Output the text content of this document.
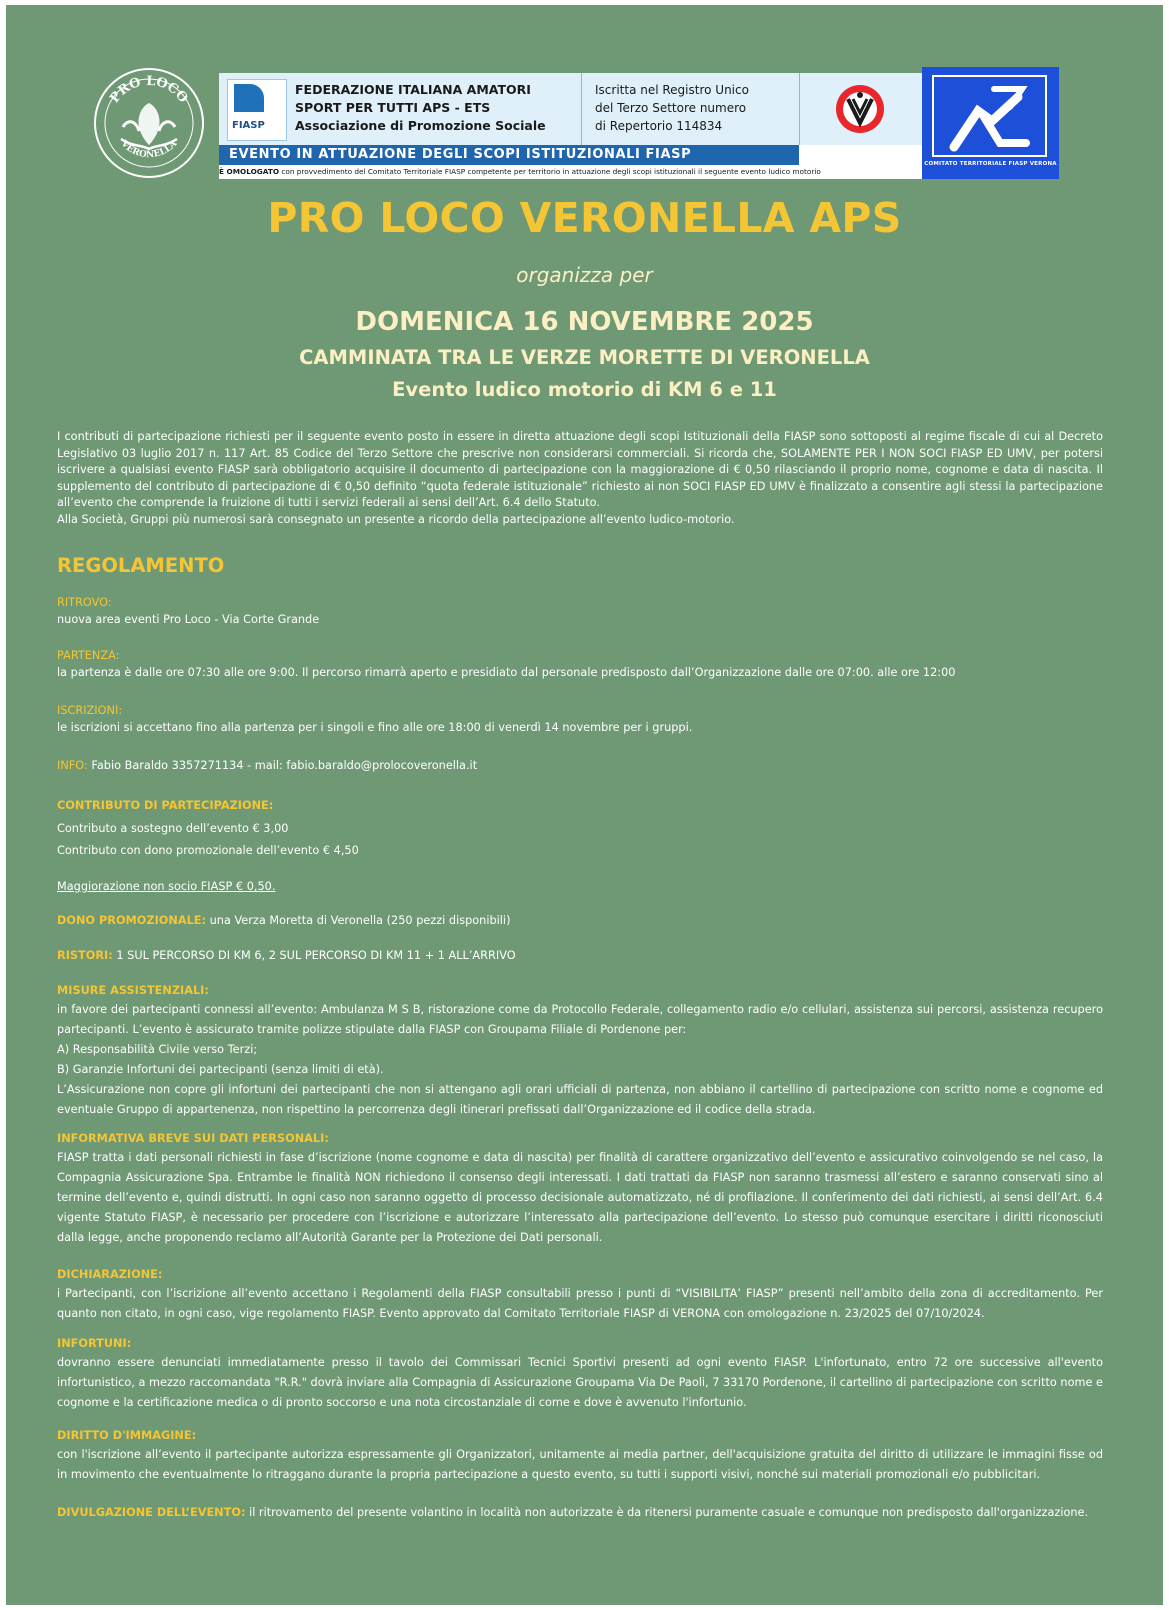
PRO LOCO
VERONELLA
FIASP
FEDERAZIONE ITALIANA AMATORI
SPORT PER TUTTI APS - ETS
Associazione di Promozione Sociale
Iscritta nel Registro Unico
del Terzo Settore numero
di Repertorio 114834
EVENTO IN ATTUAZIONE DEGLI SCOPI ISTITUZIONALI FIASP
È OMOLOGATO con provvedimento del Comitato Territoriale FIASP competente per territorio in attuazione degli scopi istituzionali il seguente evento ludico motorio
COMITATO TERRITORIALE FIASP VERONA
PRO LOCO VERONELLA APS
organizza per
DOMENICA 16 NOVEMBRE 2025
CAMMINATA TRA LE VERZE MORETTE DI VERONELLA
Evento ludico motorio di KM 6 e 11
I contributi di partecipazione richiesti per il seguente evento posto in essere in diretta attuazione degli scopi Istituzionali della FIASP sono sottoposti al regime fiscale di cui al Decreto Legislativo 03 luglio 2017 n. 117 Art. 85 Codice del Terzo Settore che prescrive non considerarsi commerciali. Si ricorda che, SOLAMENTE PER I NON SOCI FIASP ED UMV, per potersi iscrivere a qualsiasi evento FIASP sarà obbligatorio acquisire il documento di partecipazione con la maggiorazione di € 0,50 rilasciando il proprio nome, cognome e data di nascita. Il supplemento del contributo di partecipazione di € 0,50 definito “quota federale istituzionale” richiesto ai non SOCI FIASP ED UMV è finalizzato a consentire agli stessi la partecipazione all’evento che comprende la fruizione di tutti i servizi federali ai sensi dell’Art. 6.4 dello Statuto.
Alla Società, Gruppi più numerosi sarà consegnato un presente a ricordo della partecipazione all’evento ludico-motorio.
REGOLAMENTO
RITROVO:
nuova area eventi Pro Loco - Via Corte Grande
PARTENZA:
la partenza è dalle ore 07:30 alle ore 9:00. Il percorso rimarrà aperto e presidiato dal personale predisposto dall’Organizzazione dalle ore 07:00. alle ore 12:00
ISCRIZIONI:
le iscrizioni si accettano fino alla partenza per i singoli e fino alle ore 18:00 di venerdì 14 novembre per i gruppi.
INFO: Fabio Baraldo 3357271134 - mail: fabio.baraldo@prolocoveronella.it
CONTRIBUTO DI PARTECIPAZIONE:
Contributo a sostegno dell’evento € 3,00
Contributo con dono promozionale dell’evento € 4,50
Maggiorazione non socio FIASP € 0,50.
DONO PROMOZIONALE: una Verza Moretta di Veronella (250 pezzi disponibili)
RISTORI: 1 SUL PERCORSO DI KM 6, 2 SUL PERCORSO DI KM 11 + 1 ALL’ARRIVO
MISURE ASSISTENZIALI:
in favore dei partecipanti connessi all’evento: Ambulanza M S B, ristorazione come da Protocollo Federale, collegamento radio e/o cellulari, assistenza sui percorsi, assistenza recupero partecipanti. L’evento è assicurato tramite polizze stipulate dalla FIASP con Groupama Filiale di Pordenone per:
A) Responsabilità Civile verso Terzi;
B) Garanzie Infortuni dei partecipanti (senza limiti di età).
L’Assicurazione non copre gli infortuni dei partecipanti che non si attengano agli orari ufficiali di partenza, non abbiano il cartellino di partecipazione con scritto nome e cognome ed eventuale Gruppo di appartenenza, non rispettino la percorrenza degli itinerari prefissati dall’Organizzazione ed il codice della strada.
INFORMATIVA BREVE SUI DATI PERSONALI:
FIASP tratta i dati personali richiesti in fase d’iscrizione (nome cognome e data di nascita) per finalità di carattere organizzativo dell’evento e assicurativo coinvolgendo se nel caso, la Compagnia Assicurazione Spa. Entrambe le finalità NON richiedono il consenso degli interessati. I dati trattati da FIASP non saranno trasmessi all’estero e saranno conservati sino al termine dell’evento e, quindi distrutti. In ogni caso non saranno oggetto di processo decisionale automatizzato, né di profilazione. Il conferimento dei dati richiesti, ai sensi dell’Art. 6.4 vigente Statuto FIASP, è necessario per procedere con l’iscrizione e autorizzare l’interessato alla partecipazione dell’evento. Lo stesso può comunque esercitare i diritti riconosciuti dalla legge, anche proponendo reclamo all’Autorità Garante per la Protezione dei Dati personali.
DICHIARAZIONE:
i Partecipanti, con l’iscrizione all’evento accettano i Regolamenti della FIASP consultabili presso i punti di “VISIBILITA’ FIASP” presenti nell’ambito della zona di accreditamento. Per quanto non citato, in ogni caso, vige regolamento FIASP. Evento approvato dal Comitato Territoriale FIASP di VERONA con omologazione n. 23/2025 del 07/10/2024.
INFORTUNI:
dovranno essere denunciati immediatamente presso il tavolo dei Commissari Tecnici Sportivi presenti ad ogni evento FIASP. L'infortunato, entro 72 ore successive all'evento infortunistico, a mezzo raccomandata "R.R." dovrà inviare alla Compagnia di Assicurazione Groupama Via De Paoli, 7 33170 Pordenone, il cartellino di partecipazione con scritto nome e cognome e la certificazione medica o di pronto soccorso e una nota circostanziale di come e dove è avvenuto l'infortunio.
DIRITTO D'IMMAGINE:
con l'iscrizione all’evento il partecipante autorizza espressamente gli Organizzatori, unitamente ai media partner, dell'acquisizione gratuita del diritto di utilizzare le immagini fisse od in movimento che eventualmente lo ritraggano durante la propria partecipazione a questo evento, su tutti i supporti visivi, nonché sui materiali promozionali e/o pubblicitari.
DIVULGAZIONE DELL’EVENTO: il ritrovamento del presente volantino in località non autorizzate è da ritenersi puramente casuale e comunque non predisposto dall'organizzazione.
